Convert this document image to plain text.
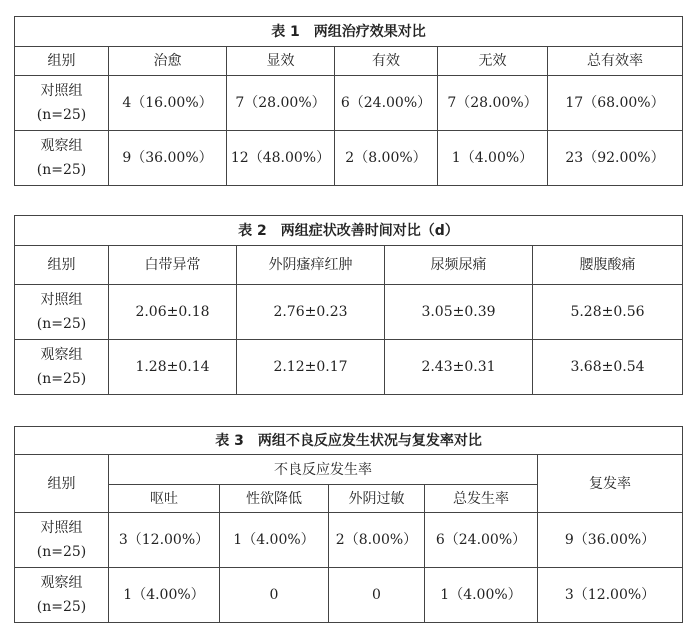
表 1　两组治疗效果对比					
组别	治愈	显效	有效	无效	总有效率

对照组
(n=25)	4（16.00%）	7（28.00%）	6（24.00%）	7（28.00%）	17（68.00%）

观察组
(n=25)	9（36.00%）	12（48.00%）	2（8.00%）	1（4.00%）	23（92.00%）
表 2　两组症状改善时间对比（d）				
组别	白带异常	外阴瘙痒红肿	尿频尿痛	腰腹酸痛

对照组
(n=25)	2.06±0.18	2.76±0.23	3.05±0.39	5.28±0.56

观察组
(n=25)	1.28±0.14	2.12±0.17	2.43±0.31	3.68±0.54
表 3　两组不良反应发生状况与复发率对比					
组别	不良反应发生率				复发率
	呕吐	性欲降低	外阴过敏	总发生率	

对照组
(n=25)	3（12.00%）	1（4.00%）	2（8.00%）	6（24.00%）	9（36.00%）

观察组
(n=25)	1（4.00%）	0	0	1（4.00%）	3（12.00%）
